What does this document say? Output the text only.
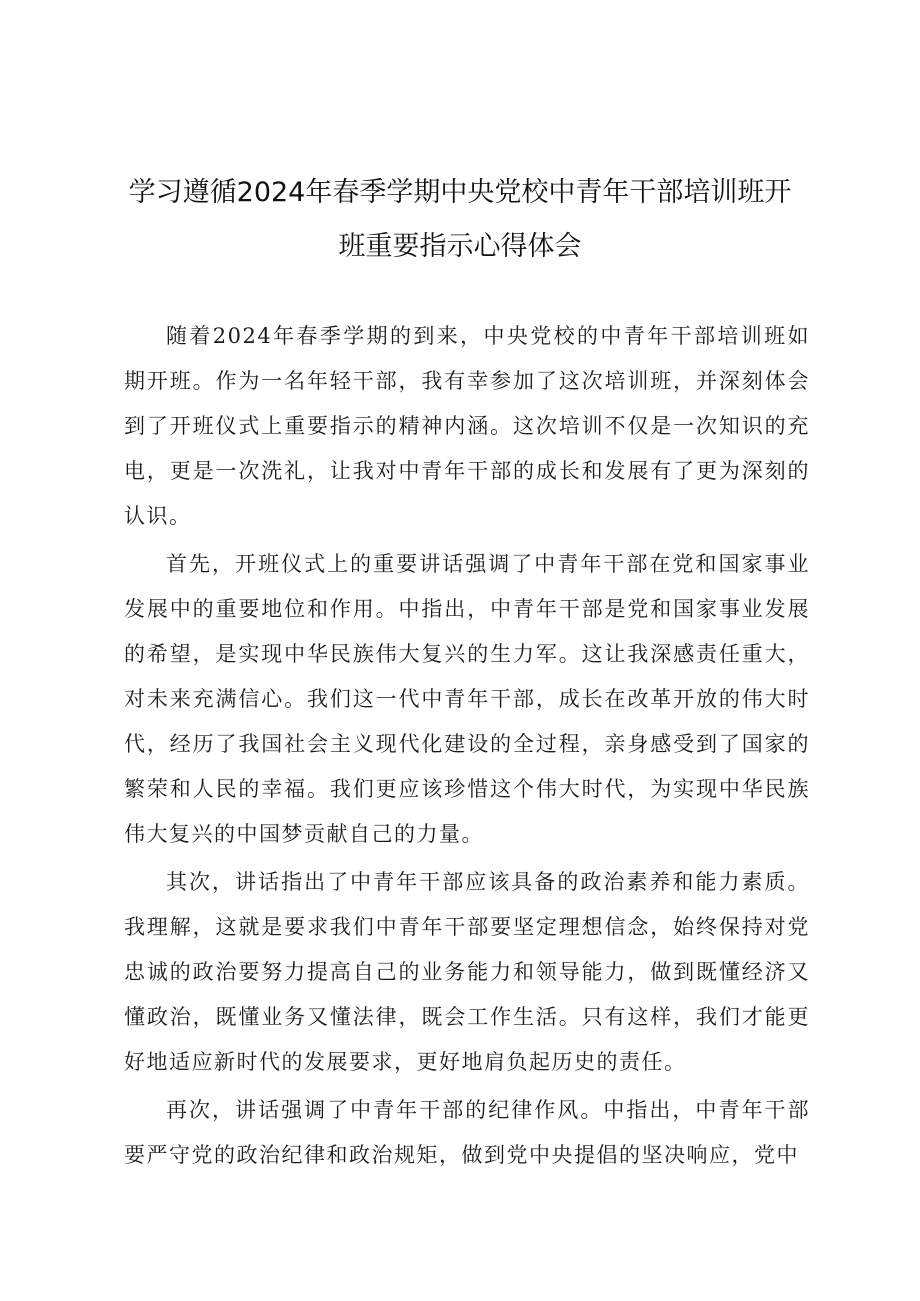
学习遵循2024年春季学期中央党校中青年干部培训班开
班重要指示心得体会

随着2024年春季学期的到来，中央党校的中青年干部培训班如期开班。作为一名年轻干部，我有幸参加了这次培训班，并深刻体会到了开班仪式上重要指示的精神内涵。这次培训不仅是一次知识的充电，更是一次洗礼，让我对中青年干部的成长和发展有了更为深刻的认识。

首先，开班仪式上的重要讲话强调了中青年干部在党和国家事业发展中的重要地位和作用。中指出，中青年干部是党和国家事业发展的希望，是实现中华民族伟大复兴的生力军。这让我深感责任重大，对未来充满信心。我们这一代中青年干部，成长在改革开放的伟大时代，经历了我国社会主义现代化建设的全过程，亲身感受到了国家的繁荣和人民的幸福。我们更应该珍惜这个伟大时代，为实现中华民族伟大复兴的中国梦贡献自己的力量。

其次，讲话指出了中青年干部应该具备的政治素养和能力素质。我理解，这就是要求我们中青年干部要坚定理想信念，始终保持对党忠诚的政治要努力提高自己的业务能力和领导能力，做到既懂经济又懂政治，既懂业务又懂法律，既会工作生活。只有这样，我们才能更好地适应新时代的发展要求，更好地肩负起历史的责任。

再次，讲话强调了中青年干部的纪律作风。中指出，中青年干部要严守党的政治纪律和政治规矩，做到党中央提倡的坚决响应，党中
